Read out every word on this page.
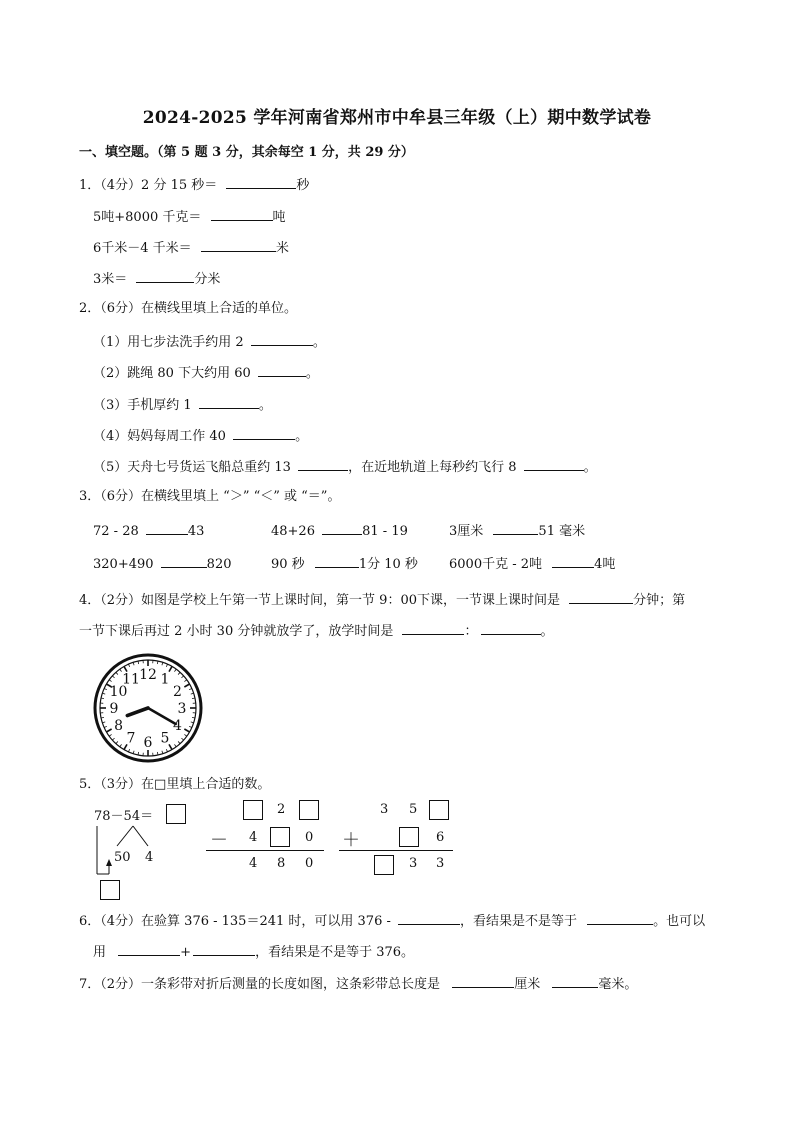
2024-2025 学年河南省郑州市中牟县三年级（上）期中数学试卷
一、填空题。（第 5 题 3 分，其余每空 1 分，共 29 分）
1．（4分）2 分 15 秒＝	秒
5吨+8000 千克＝	吨
6千米－4 千米＝	米
3米＝	分米
2．（6分）在横线里填上合适的单位。
（1）用七步法洗手约用 2	。
（2）跳绳 80 下大约用 60	。
（3）手机厚约 1	。
（4）妈妈每周工作 40	。
（5）天舟七号货运飞船总重约 13	，在近地轨道上每秒约飞行 8	。
3．（6分）在横线里填上 “＞” “＜” 或 “＝”。
72 - 28	43	48+26	81 - 19	3厘米	51 毫米
320+490	820	90 秒	1分 10 秒 6000千克 - 2吨	4吨
4．（2分）如图是学校上午第一节上课时间，第一节 9：00下课，一节课上课时间是	分钟；第
一节下课后再过 2 小时 30 分钟就放学了，放学时间是	：	。
12 1
2
3
4
5
6
7
8
9
10
11
5．（3分）在□里填上合适的数。
78－54＝
50 4
2
－ 4	0
4 8 0
3 5
＋	6
3 3
6．（4分）在验算 376 - 135＝241 时，可以用 376 -	，看结果是不是等于	。也可以
用	+	，看结果是不是等于 376。
7．（2分）一条彩带对折后测量的长度如图，这条彩带总长度是	厘米	毫米。
